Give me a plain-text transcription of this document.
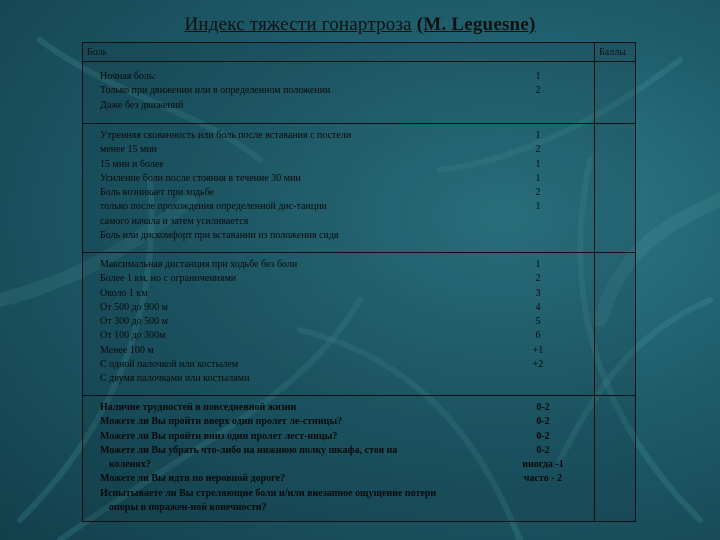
Индекс тяжести гонартроза (M. Leguesne)
Боль	Баллы
Ночная боль:
Только при движении или в определенном положении
Даже без движений
1
2
Утренняя скованность или боль после вставания с постели
менее 15 мин
15 мин и более
Усиление боли после стояния в течение 30 мин
Боль возникает при ходьбе
только после прохождения определенной дис-танции
самого начала и затем усиливается
Боль или дискомфорт при вставании из положения сидя
1
2
1
1
2
1
Максимальная дистанция при ходьбе без боли
Более 1 км, но с ограничениями
Около 1 км
От 500 до 900 м
От 300 до 500 м
От 100 до 300м
Менее 100 м
С одной палочкой или костылем
С двумя палочками или костылями
1
2
3
4
5
6
+1
+2
Наличие трудностей в повседневной жизни
Можете ли Вы пройти вверх один пролет ле-стницы?
Можете ли Вы пройти вниз один пролет лест-ницы?
Можете ли Вы убрать что-либо на нижнюю полку шкафа, стоя на
коленях?
Можете ли Вы идти по неровной дороге?
Испытываете ли Вы стреляющие боли и/или внезапное ощущение потери
опоры в поражен-ной конечности?
0-2
0-2
0-2
0-2
иногда -1
часто - 2
